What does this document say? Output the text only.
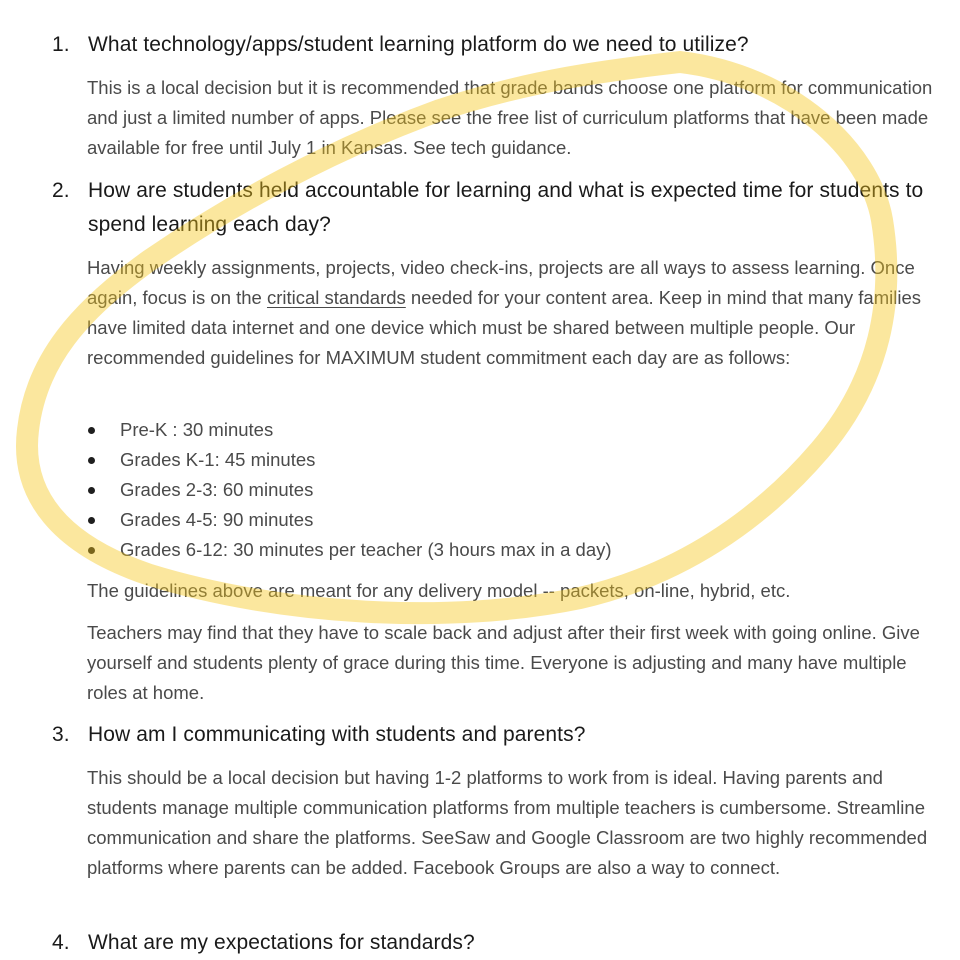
1. What technology/apps/student learning platform do we need to utilize?
This is a local decision but it is recommended that grade bands choose one platform for communication and just a limited number of apps. Please see the free list of curriculum platforms that have been made available for free until July 1 in Kansas. See tech guidance.
2. How are students held accountable for learning and what is expected time for students to spend learning each day?
Having weekly assignments, projects, video check-ins, projects are all ways to assess learning. Once again, focus is on the critical standards needed for your content area. Keep in mind that many families have limited data internet and one device which must be shared between multiple people. Our recommended guidelines for MAXIMUM student commitment each day are as follows:
Pre-K : 30 minutes
Grades K-1: 45 minutes
Grades 2-3: 60 minutes
Grades 4-5: 90 minutes
Grades 6-12: 30 minutes per teacher (3 hours max in a day)
The guidelines above are meant for any delivery model -- packets, on-line, hybrid, etc.
Teachers may find that they have to scale back and adjust after their first week with going online. Give yourself and students plenty of grace during this time. Everyone is adjusting and many have multiple roles at home.
3. How am I communicating with students and parents?
This should be a local decision but having 1-2 platforms to work from is ideal. Having parents and students manage multiple communication platforms from multiple teachers is cumbersome. Streamline communication and share the platforms. SeeSaw and Google Classroom are two highly recommended platforms where parents can be added. Facebook Groups are also a way to connect.
4. What are my expectations for standards?
